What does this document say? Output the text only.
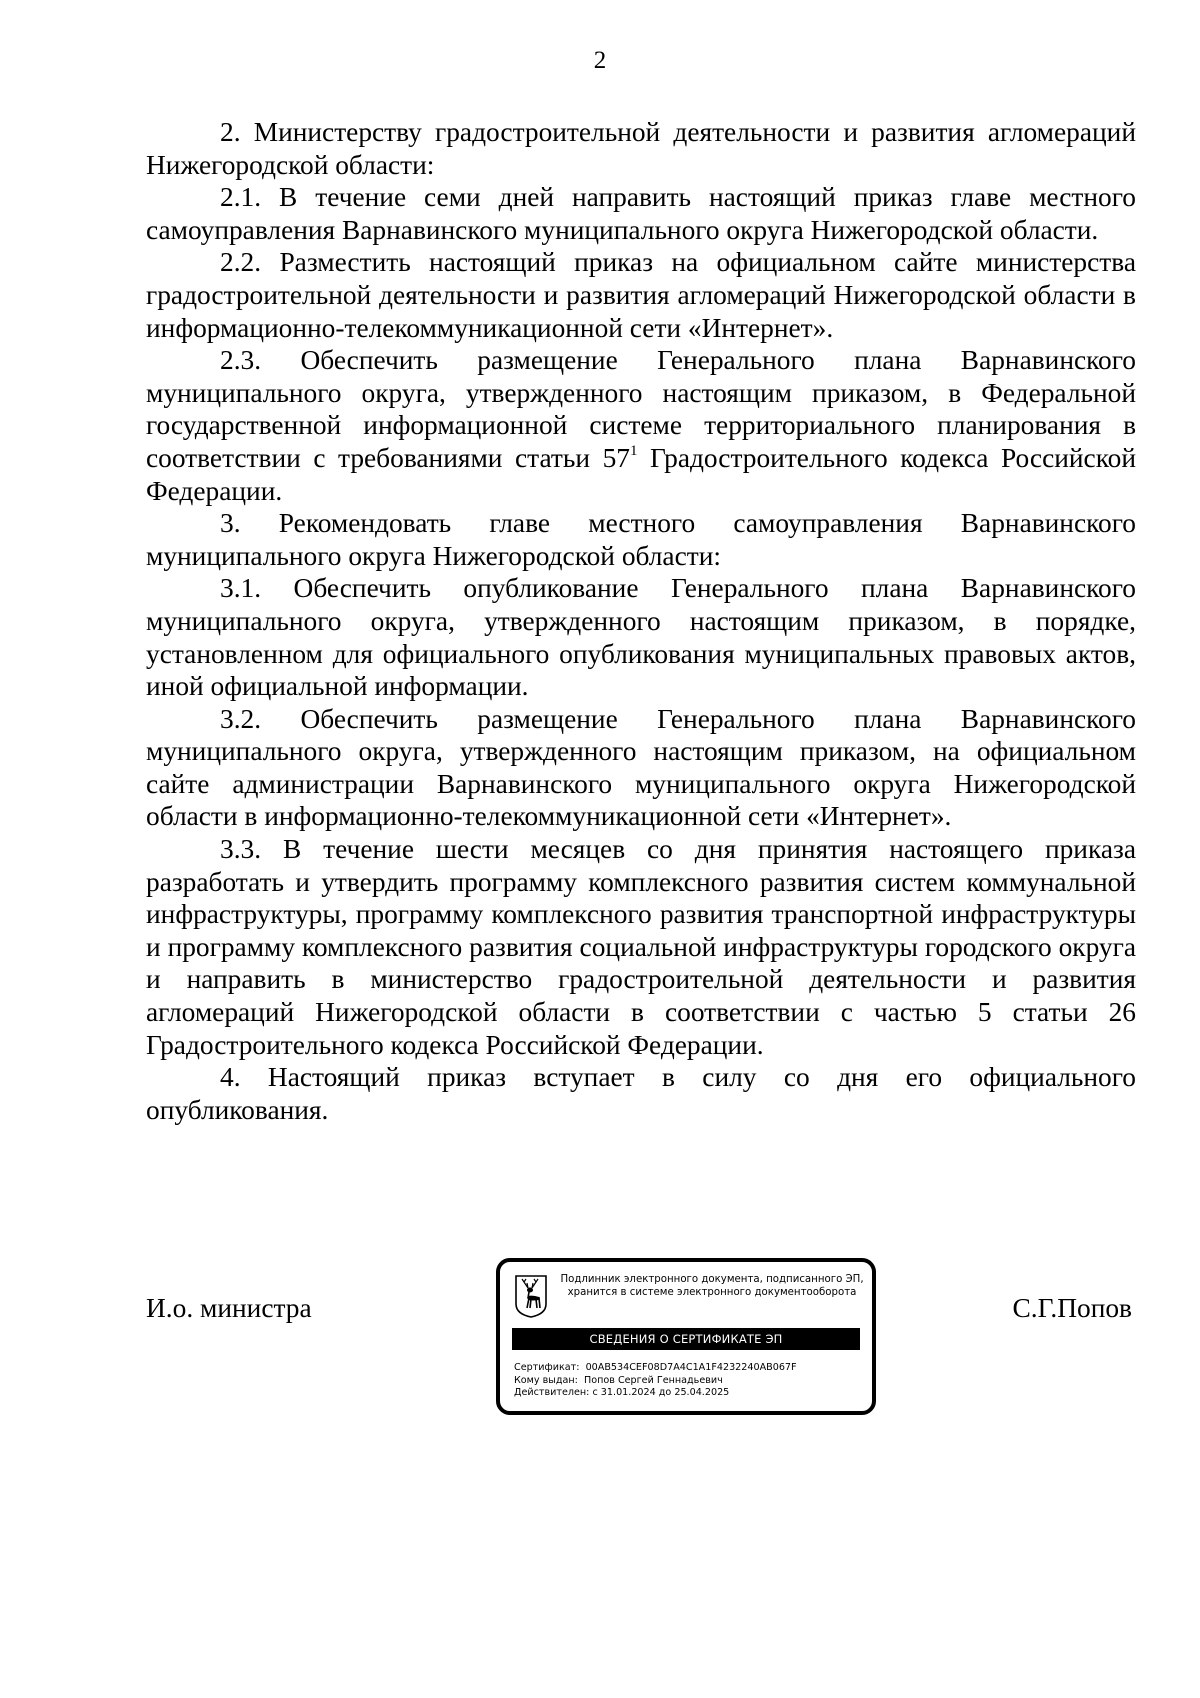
2

2. Министерству градостроительной деятельности и развития агломераций Нижегородской области:

2.1. В течение семи дней направить настоящий приказ главе местного самоуправления Варнавинского муниципального округа Нижегородской области.

2.2. Разместить настоящий приказ на официальном сайте министерства градостроительной деятельности и развития агломераций Нижегородской области в информационно-телекоммуникационной сети «Интернет».

2.3. Обеспечить размещение Генерального плана Варнавинского муниципального округа, утвержденного настоящим приказом, в Федеральной государственной информационной системе территориального планирования в соответствии с требованиями статьи $57^1$ Градостроительного кодекса Российской Федерации.

3. Рекомендовать главе местного самоуправления Варнавинского муниципального округа Нижегородской области:

3.1. Обеспечить опубликование Генерального плана Варнавинского муниципального округа, утвержденного настоящим приказом, в порядке, установленном для официального опубликования муниципальных правовых актов, иной официальной информации.

3.2. Обеспечить размещение Генерального плана Варнавинского муниципального округа, утвержденного настоящим приказом, на официальном сайте администрации Варнавинского муниципального округа Нижегородской области в информационно-телекоммуникационной сети «Интернет».

3.3. В течение шести месяцев со дня принятия настоящего приказа разработать и утвердить программу комплексного развития систем коммунальной инфраструктуры, программу комплексного развития транспортной инфраструктуры и программу комплексного развития социальной инфраструктуры городского округа и направить в министерство градостроительной деятельности и развития агломераций Нижегородской области в соответствии с частью 5 статьи 26 Градостроительного кодекса Российской Федерации.

4. Настоящий приказ вступает в силу со дня его официального опубликования.

И.о. министра
Подлинник электронного документа, подписанного ЭП, хранится в системе электронного документооборота
СВЕДЕНИЯ О СЕРТИФИКАТЕ ЭП
Сертификат: 00AB534CEF08D7A4C1A1F4232240AB067F
Кому выдан: Попов Сергей Геннадьевич
Действителен: с 31.01.2024 до 25.04.2025
С.Г.Попов
